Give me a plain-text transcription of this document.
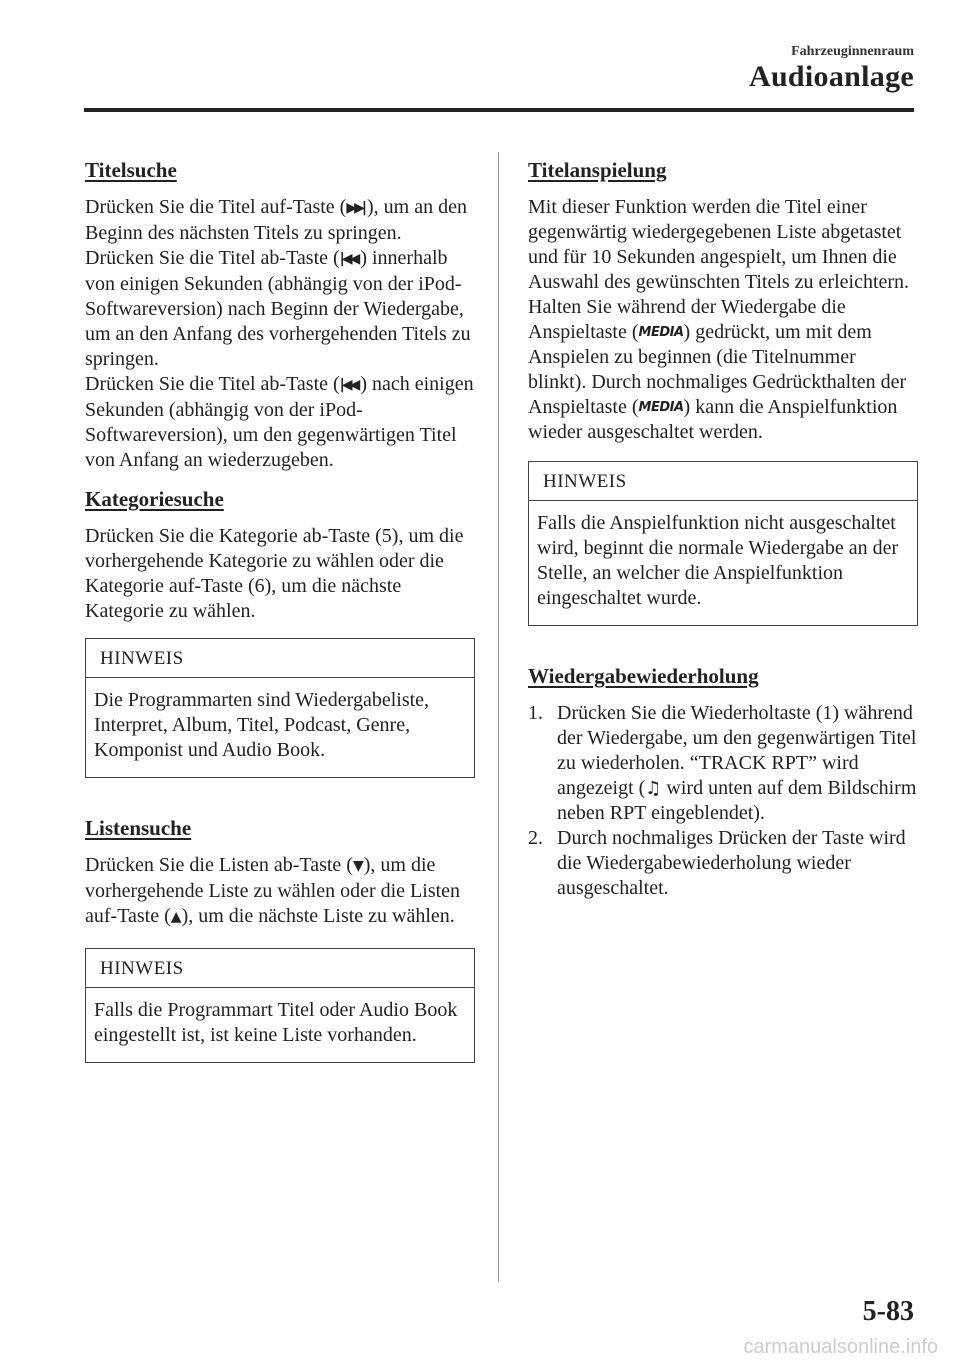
Fahrzeuginnenraum
Audioanlage
Titelsuche

Drücken Sie die Titel auf-Taste (▶▶| ), um an den Beginn des nächsten Titels zu springen.

Drücken Sie die Titel ab-Taste (|◀◀ ) innerhalb von einigen Sekunden (abhängig von der iPod-Softwareversion) nach Beginn der Wiedergabe, um an den Anfang des vorhergehenden Titels zu springen.

Drücken Sie die Titel ab-Taste (|◀◀ ) nach einigen Sekunden (abhängig von der iPod-Softwareversion), um den gegenwärtigen Titel von Anfang an wiederzugeben.

Kategoriesuche

Drücken Sie die Kategorie ab-Taste (5), um die vorhergehende Kategorie zu wählen oder die Kategorie auf-Taste (6), um die nächste Kategorie zu wählen.

HINWEIS
Die Programmarten sind Wiedergabeliste, Interpret, Album, Titel, Podcast, Genre, Komponist und Audio Book.
Listensuche

Drücken Sie die Listen ab-Taste (▼), um die vorhergehende Liste zu wählen oder die Listen auf-Taste (▲), um die nächste Liste zu wählen.

HINWEIS
Falls die Programmart Titel oder Audio Book eingestellt ist, ist keine Liste vorhanden.
Titelanspielung

Mit dieser Funktion werden die Titel einer gegenwärtig wiedergegebenen Liste abgetastet und für 10 Sekunden angespielt, um Ihnen die Auswahl des gewünschten Titels zu erleichtern.

Halten Sie während der Wiedergabe die Anspieltaste (MEDIA) gedrückt, um mit dem Anspielen zu beginnen (die Titelnummer blinkt). Durch nochmaliges Gedrückthalten der Anspieltaste (MEDIA) kann die Anspielfunktion wieder ausgeschaltet werden.

HINWEIS
Falls die Anspielfunktion nicht ausgeschaltet wird, beginnt die normale Wiedergabe an der Stelle, an welcher die Anspielfunktion eingeschaltet wurde.
Wiedergabewiederholung
1. Drücken Sie die Wiederholtaste (1) während der Wiedergabe, um den gegenwärtigen Titel zu wiederholen. “TRACK RPT” wird angezeigt (♫ wird unten auf dem Bildschirm neben RPT eingeblendet).
2. Durch nochmaliges Drücken der Taste wird die Wiedergabewiederholung wieder ausgeschaltet.
5-83
carmanualsonline.info
